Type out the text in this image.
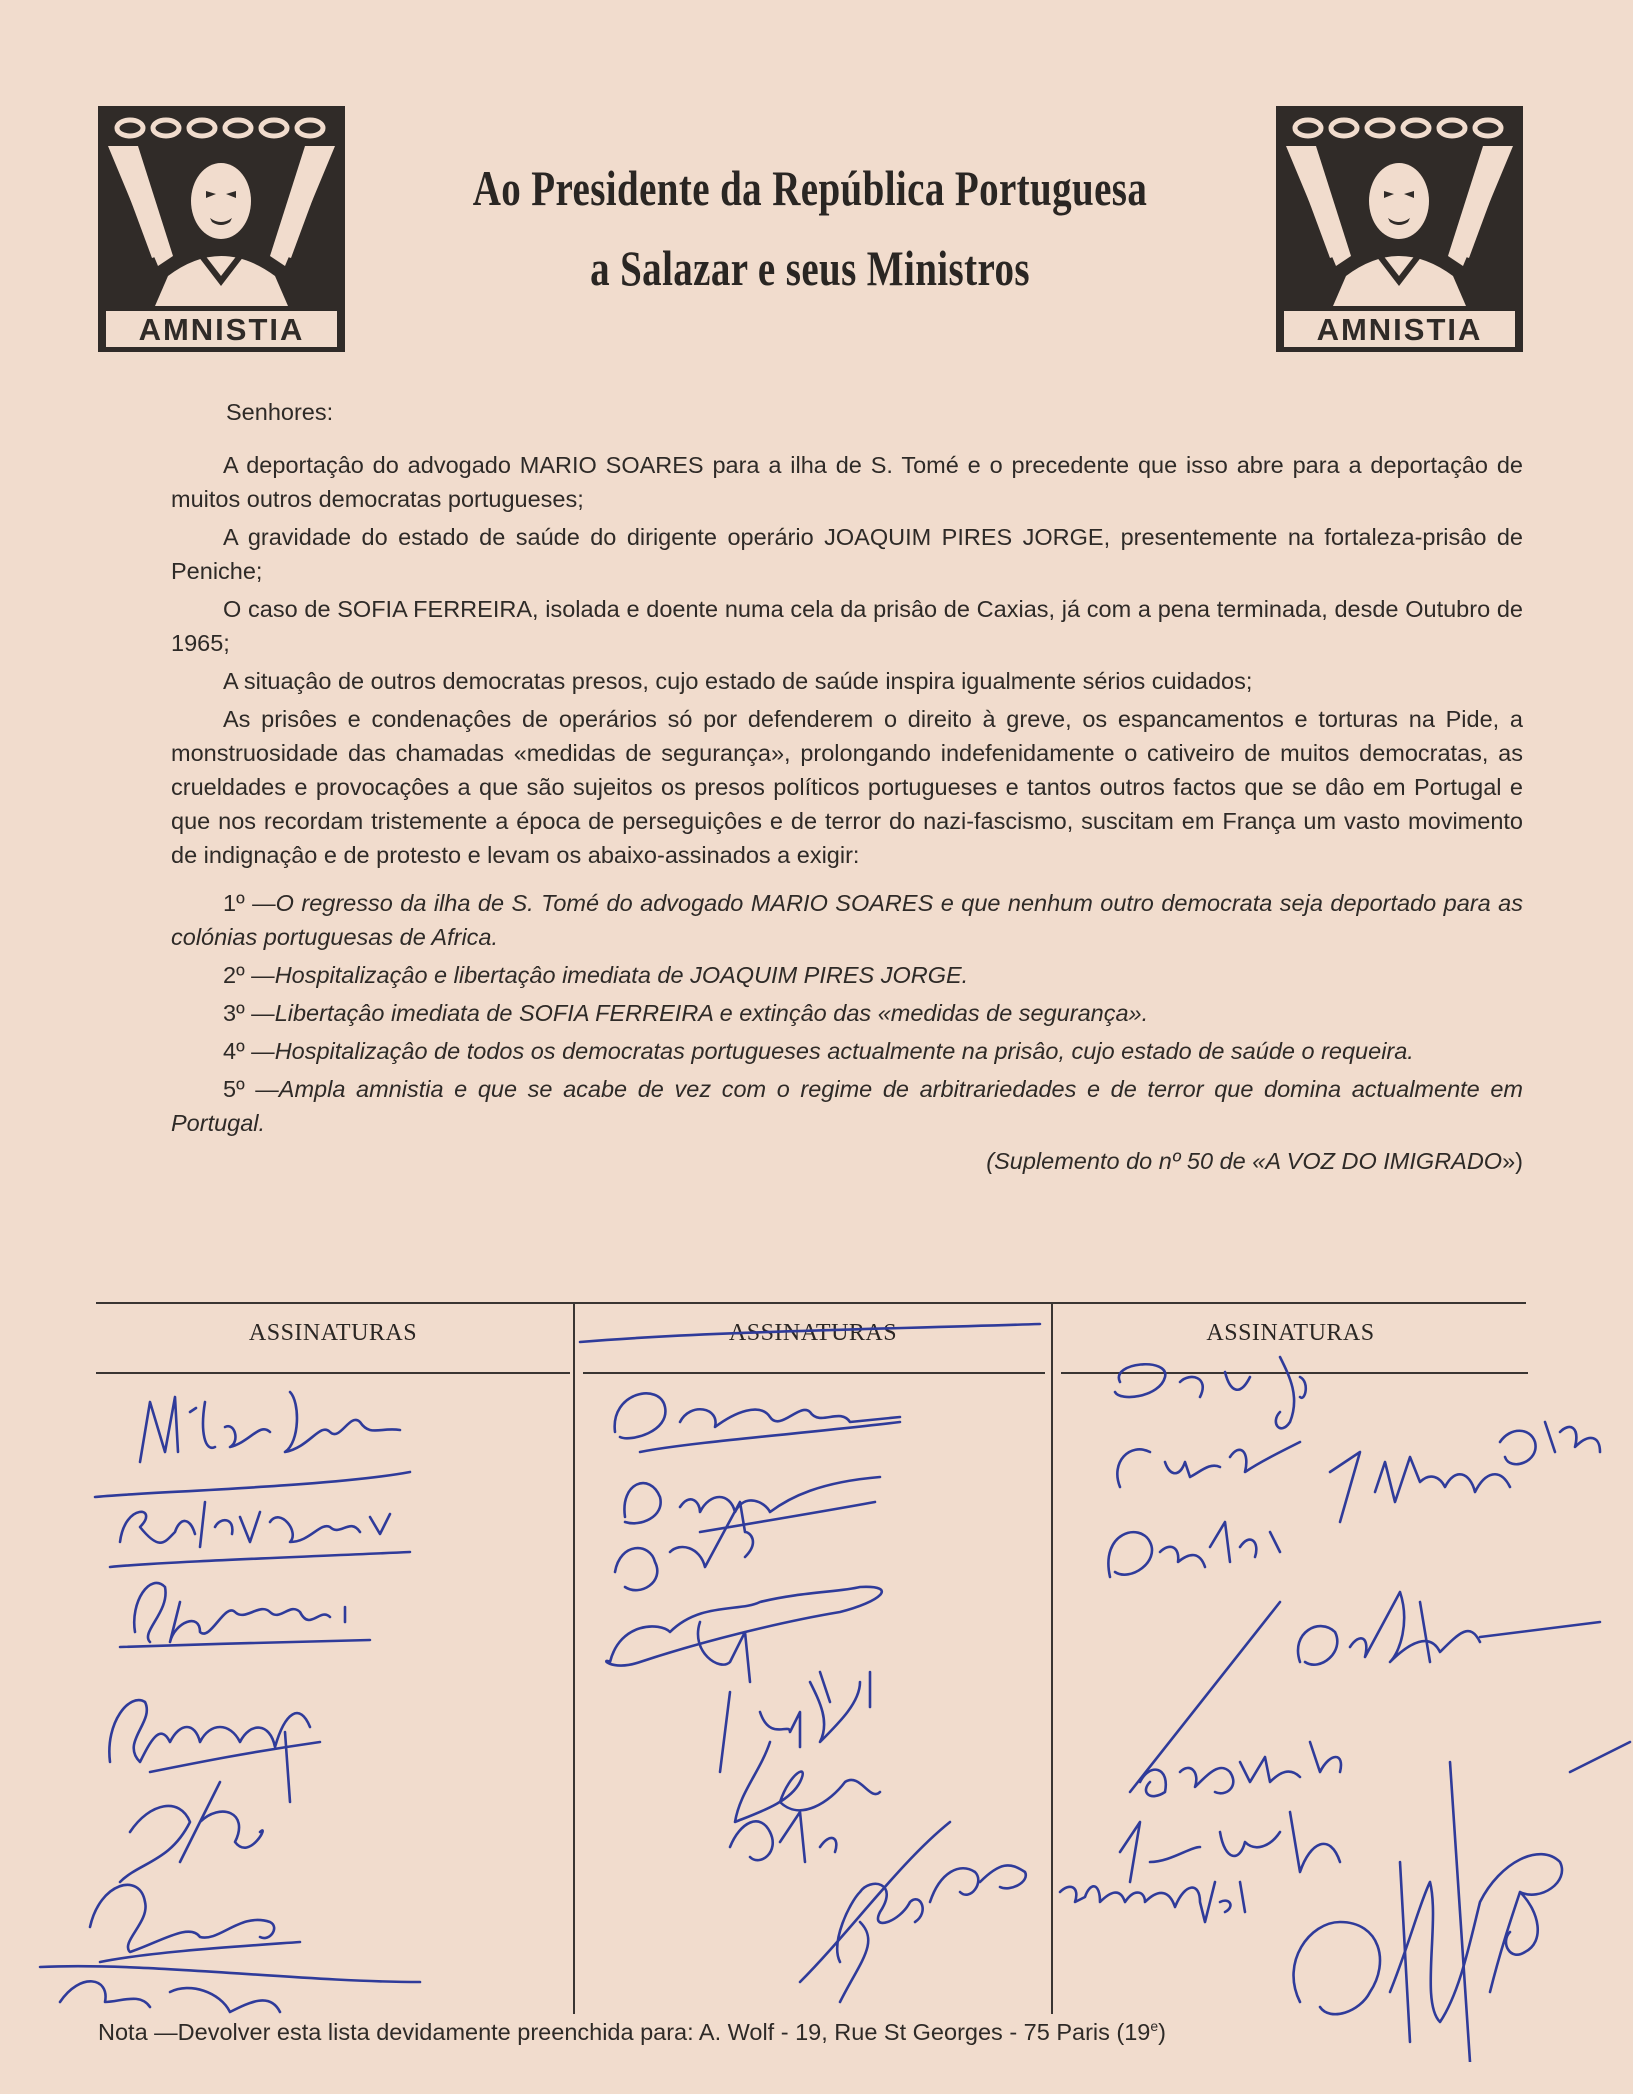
AMNISTIA
Ao Presidente da República Portuguesa
a Salazar e seus Ministros
AMNISTIA
Senhores:
A deportaçâo do advogado MARIO SOARES para a ilha de S. Tomé e o precedente que isso abre para a deportaçâo de muitos outros democratas portugueses;
A gravidade do estado de saúde do dirigente operário JOAQUIM PIRES JORGE, presentemente na fortaleza-prisâo de Peniche;
O caso de SOFIA FERREIRA, isolada e doente numa cela da prisâo de Caxias, já com a pena terminada, desde Outubro de 1965;
A situaçâo de outros democratas presos, cujo estado de saúde inspira igualmente sérios cuidados;
As prisôes e condenaçôes de operários só por defenderem o direito à greve, os espancamentos e torturas na Pide, a monstruosidade das chamadas «medidas de segurança», prolongando indefenidamente o cativeiro de muitos democratas, as crueldades e provocaçôes a que são sujeitos os presos políticos portugueses e tantos outros factos que se dâo em Portugal e que nos recordam tristemente a época de perseguiçôes e de terror do nazi-fascismo, suscitam em França um vasto movimento de indignaçâo e de protesto e levam os abaixo-assinados a exigir:
1º —O regresso da ilha de S. Tomé do advogado MARIO SOARES e que nenhum outro democrata seja deportado para as colónias portuguesas de Africa.
2º —Hospitalizaçâo e libertaçâo imediata de JOAQUIM PIRES JORGE.
3º —Libertaçâo imediata de SOFIA FERREIRA e extinçâo das «medidas de segurança».
4º —Hospitalizaçâo de todos os democratas portugueses actualmente na prisâo, cujo estado de saúde o requeira.
5º —Ampla amnistia e que se acabe de vez com o regime de arbitrariedades e de terror que domina actualmente em Portugal.
(Suplemento do nº 50 de «A VOZ DO IMIGRADO»)
ASSINATURAS	ASSINATURAS	ASSINATURAS
Nota —Devolver esta lista devidamente preenchida para: A. Wolf - 19, Rue St Georges - 75 Paris (19e)
